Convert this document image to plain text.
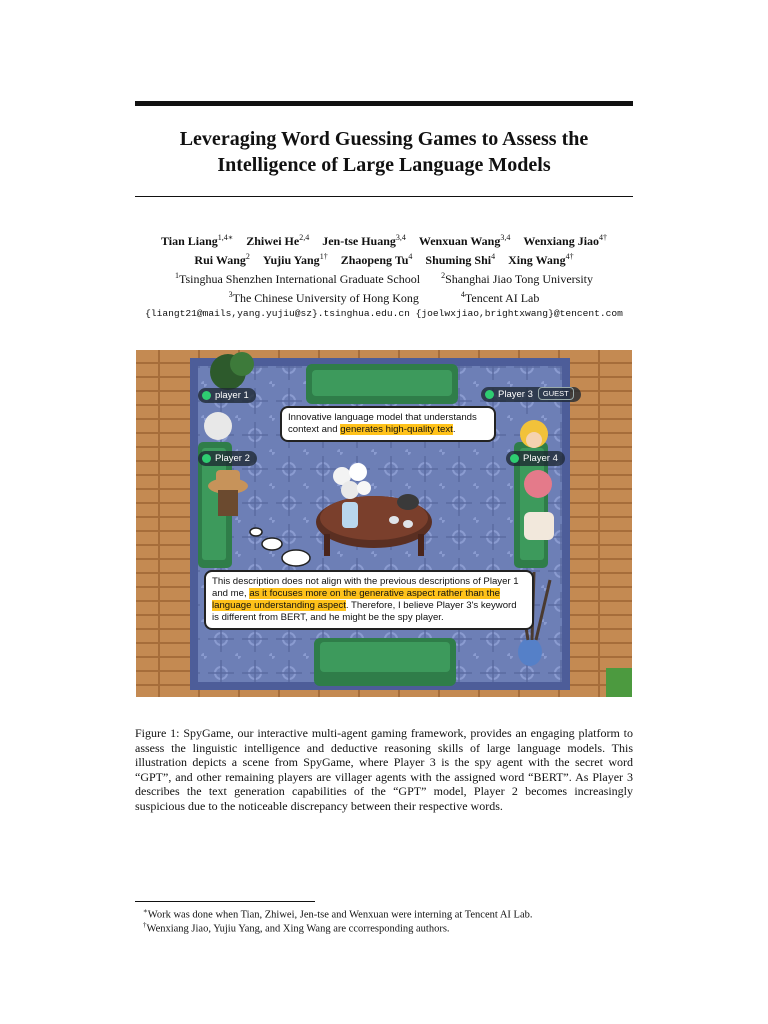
Leveraging Word Guessing Games to Assess the
Intelligence of Large Language Models
Tian Liang$^{1,4∗}$ Zhiwei He$^{2,4}$ Jen-tse Huang$^{3,4}$ Wenxuan Wang$^{3,4}$ Wenxiang Jiao$^{4\dagger}$
Rui Wang$^2$ Yujiu Yang$^{1\dagger}$ Zhaopeng Tu$^4$ Shuming Shi$^4$ Xing Wang$^{4\dagger}$
$^1$Tsinghua Shenzhen International Graduate School	$^2$Shanghai Jiao Tong University
$^3$The Chinese University of Hong Kong	$^4$Tencent AI Lab
{liangt21@mails,yang.yujiu@sz}.tsinghua.edu.cn {joelwxjiao,brightxwang}@tencent.com
player 1
Player 2
Player 3 GUEST
Player 4
Innovative language model that understands context and generates high-quality text.
This description does not align with the previous descriptions of Player 1 and me, as it focuses more on the generative aspect rather than the language understanding aspect. Therefore, I believe Player 3's keyword is different from BERT, and he might be the spy player.
Figure 1: SpyGame, our interactive multi-agent gaming framework, provides an engaging platform to assess the linguistic intelligence and deductive reasoning skills of large language models. This illustration depicts a scene from SpyGame, where Player 3 is the spy agent with the secret word “GPT”, and other remaining players are villager agents with the assigned word “BERT”. As Player 3 describes the text generation capabilities of the “GPT” model, Player 2 becomes increasingly suspicious due to the noticeable discrepancy between their respective words.
∗Work was done when Tian, Zhiwei, Jen-tse and Wenxuan were interning at Tencent AI Lab.
†Wenxiang Jiao, Yujiu Yang, and Xing Wang are ccorresponding authors.
